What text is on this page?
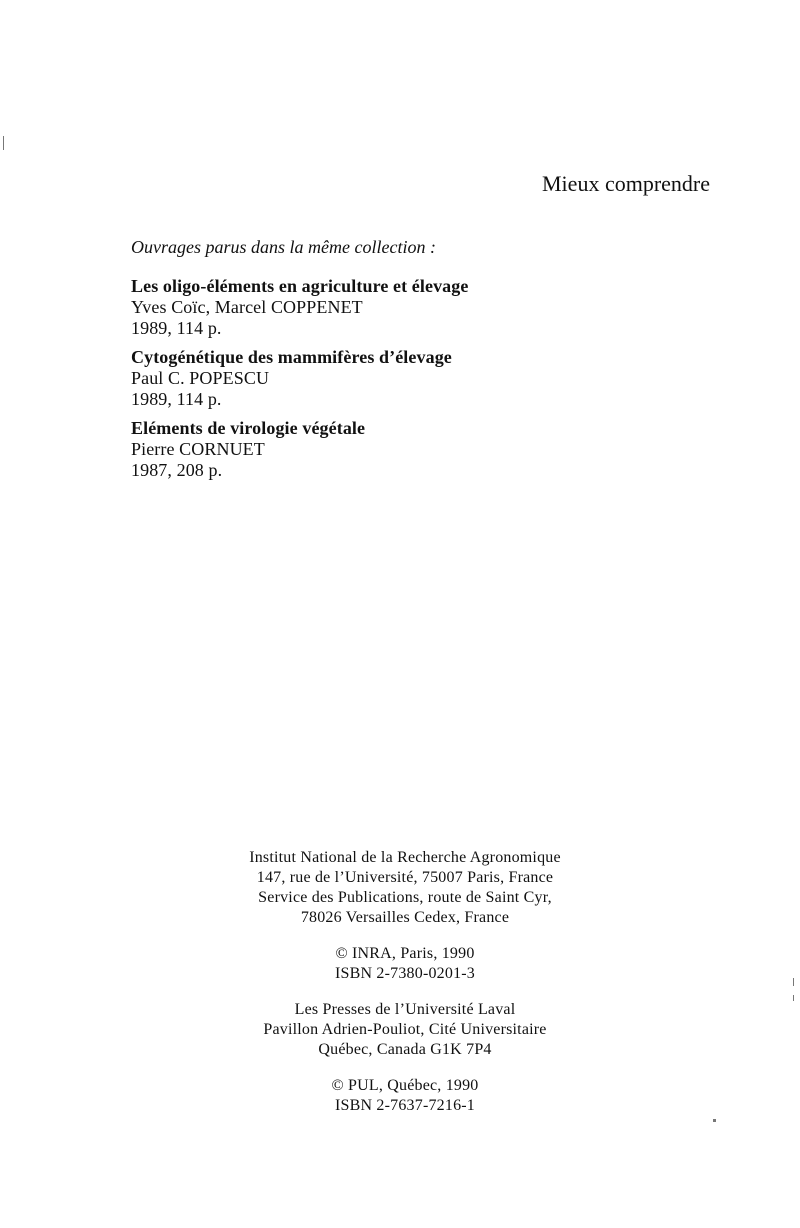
Mieux comprendre

Ouvrages parus dans la même collection :

Les oligo-éléments en agriculture et élevage
Yves Coïc, Marcel COPPENET
1989, 114 p.
Cytogénétique des mammifères d’élevage
Paul C. POPESCU
1989, 114 p.
Eléments de virologie végétale
Pierre CORNUET
1987, 208 p.
Institut National de la Recherche Agronomique
147, rue de l’Université, 75007 Paris, France
Service des Publications, route de Saint Cyr,
78026 Versailles Cedex, France
© INRA, Paris, 1990
ISBN 2-7380-0201-3
Les Presses de l’Université Laval
Pavillon Adrien-Pouliot, Cité Universitaire
Québec, Canada G1K 7P4
© PUL, Québec, 1990
ISBN 2-7637-7216-1
